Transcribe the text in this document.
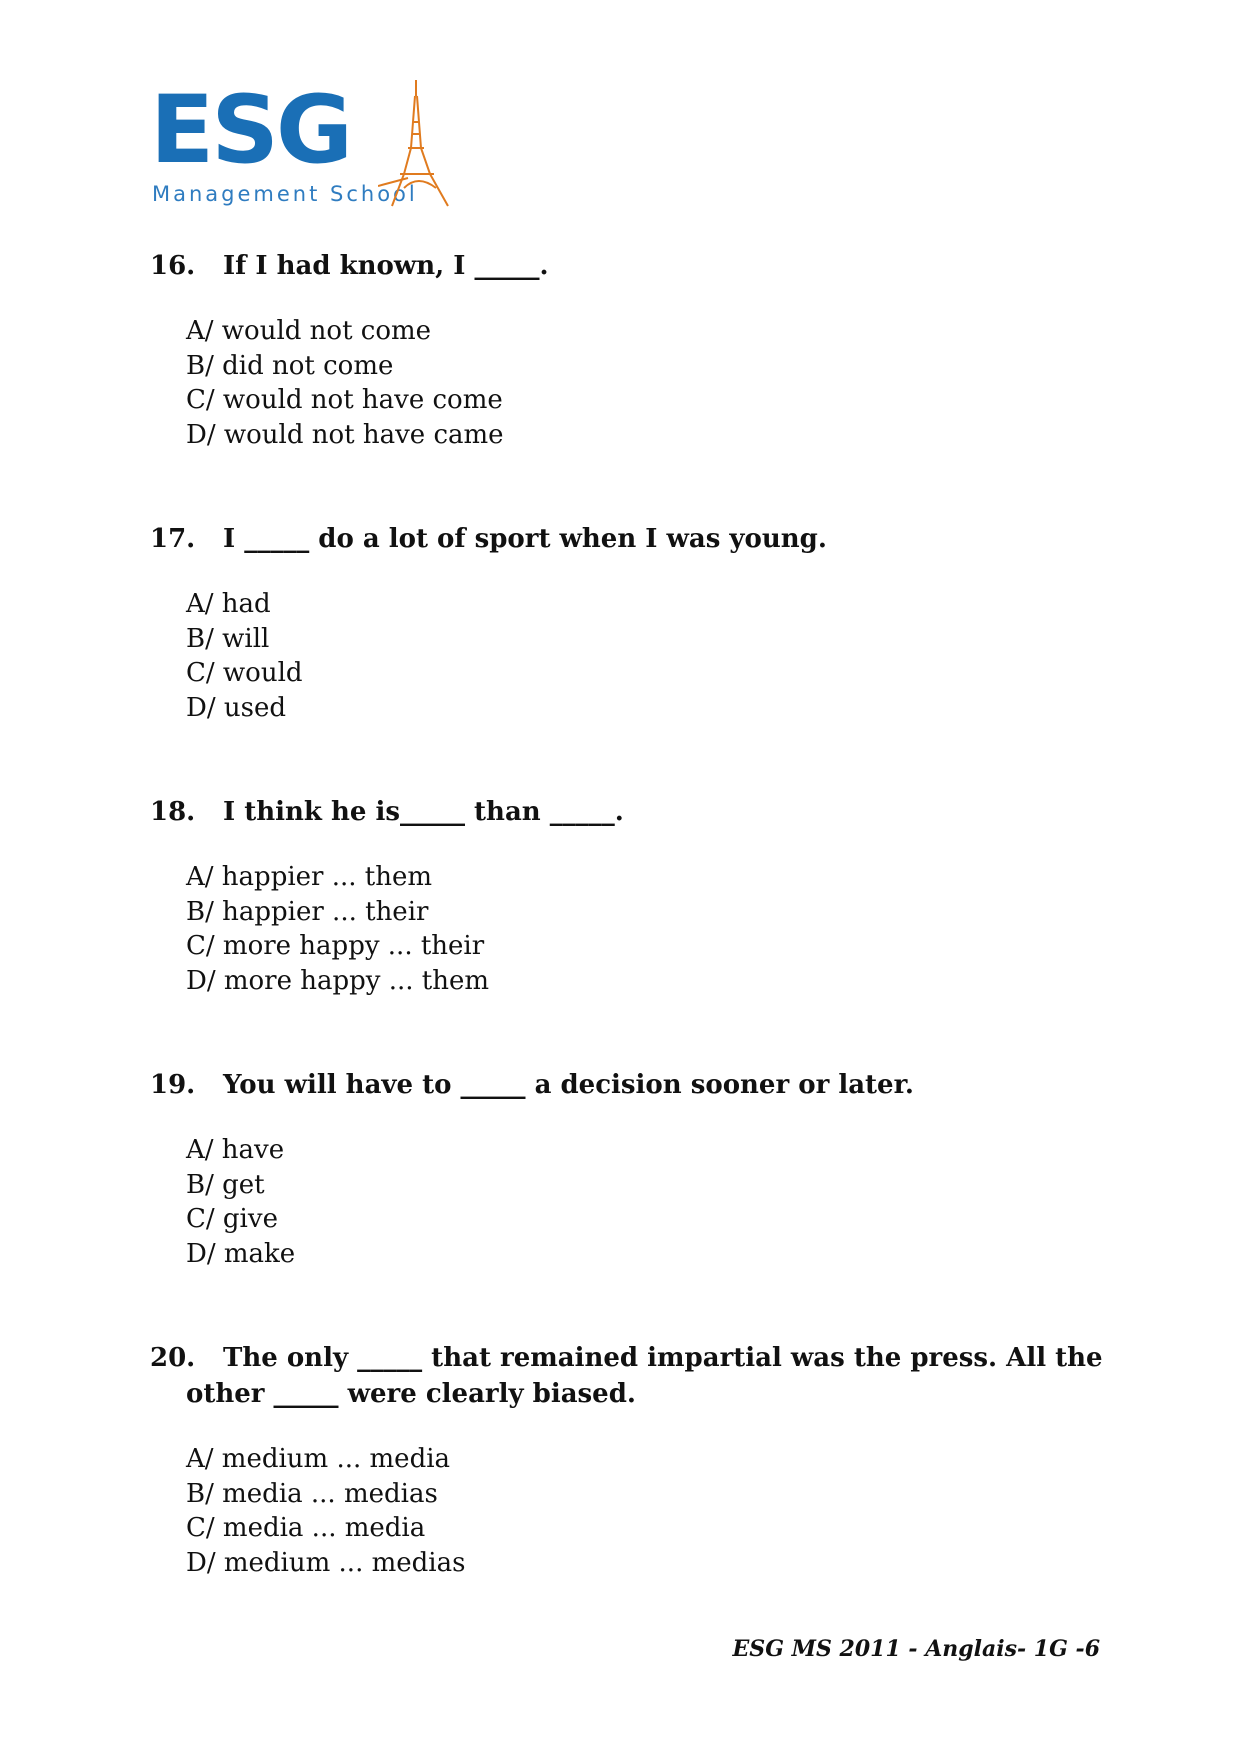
ESG
Management School
16. If I had known, I _____.
A/ would not come
B/ did not come
C/ would not have come
D/ would not have came
17. I _____ do a lot of sport when I was young.
A/ had
B/ will
C/ would
D/ used
18. I think he is_____ than _____.
A/ happier ... them
B/ happier ... their
C/ more happy ... their
D/ more happy ... them
19. You will have to _____ a decision sooner or later.
A/ have
B/ get
C/ give
D/ make
20. The only _____ that remained impartial was the press. All the
other _____ were clearly biased.
A/ medium ... media
B/ media ... medias
C/ media ... media
D/ medium ... medias
ESG MS 2011 - Anglais- 1G -6
